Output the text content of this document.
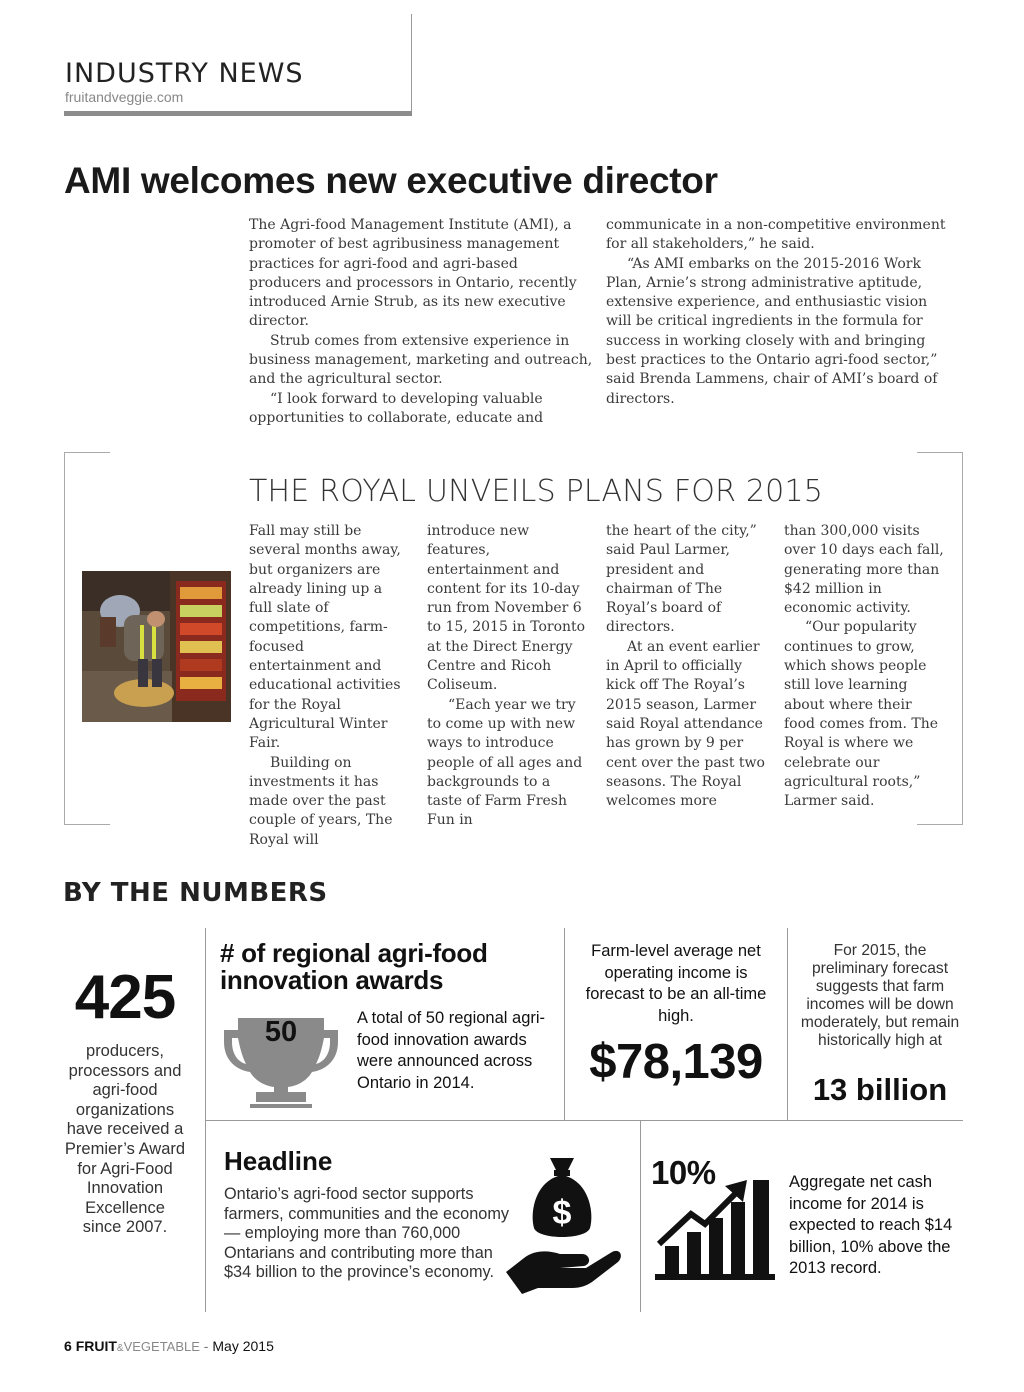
INDUSTRY NEWS
fruitandveggie.com
AMI welcomes new executive director

The Agri-food Management Institute (AMI), a promoter of best agribusiness management practices for agri-food and agri-based producers and processors in Ontario, recently introduced Arnie Strub, as its new executive director.

Strub comes from extensive experience in business management, marketing and outreach, and the agricultural sector.

“I look forward to developing valuable opportunities to collaborate, educate and

communicate in a non-competitive environment for all stakeholders,” he said.

“As AMI embarks on the 2015-2016 Work Plan, Arnie’s strong administrative aptitude, extensive experience, and enthusiastic vision will be critical ingredients in the formula for success in working closely with and bringing best practices to the Ontario agri-food sector,” said Brenda Lammens, chair of AMI’s board of directors.

THE ROYAL UNVEILS PLANS FOR 2015

Fall may still be several months away, but organizers are already lining up a full slate of competitions, farm-focused entertainment and educational activities for the Royal Agricultural Winter Fair.

Building on investments it has made over the past couple of years, The Royal will

introduce new features, entertainment and content for its 10-day run from November 6 to 15, 2015 in Toronto at the Direct Energy Centre and Ricoh Coliseum.

“Each year we try to come up with new ways to introduce people of all ages and backgrounds to a taste of Farm Fresh Fun in

the heart of the city,” said Paul Larmer, president and chairman of The Royal’s board of directors.

At an event earlier in April to officially kick off The Royal’s 2015 season, Larmer said Royal attendance has grown by 9 per cent over the past two seasons. The Royal welcomes more

than 300,000 visits over 10 days each fall, generating more than $42 million in economic activity.

“Our popularity continues to grow, which shows people still love learning about where their food comes from. The Royal is where we celebrate our agricultural roots,” Larmer said.

BY THE NUMBERS
425
producers, processors and agri-food organizations have received a Premier’s Award for Agri-Food Innovation Excellence since 2007.
# of regional agri-food innovation awards
50	A total of 50 regional agri-food innovation awards were announced across Ontario in 2014.
Farm-level average net operating income is forecast to be an all-time high.
$78,139
For 2015, the preliminary forecast suggests that farm incomes will be down moderately, but remain historically high at
13 billion
Headline
Ontario’s agri-food sector supports farmers, communities and the economy — employing more than 760,000 Ontarians and contributing more than $34 billion to the province’s economy.
$
10%	Aggregate net cash income for 2014 is expected to reach $14 billion, 10% above the 2013 record.
6 FRUIT&VEGETABLE - May 2015
